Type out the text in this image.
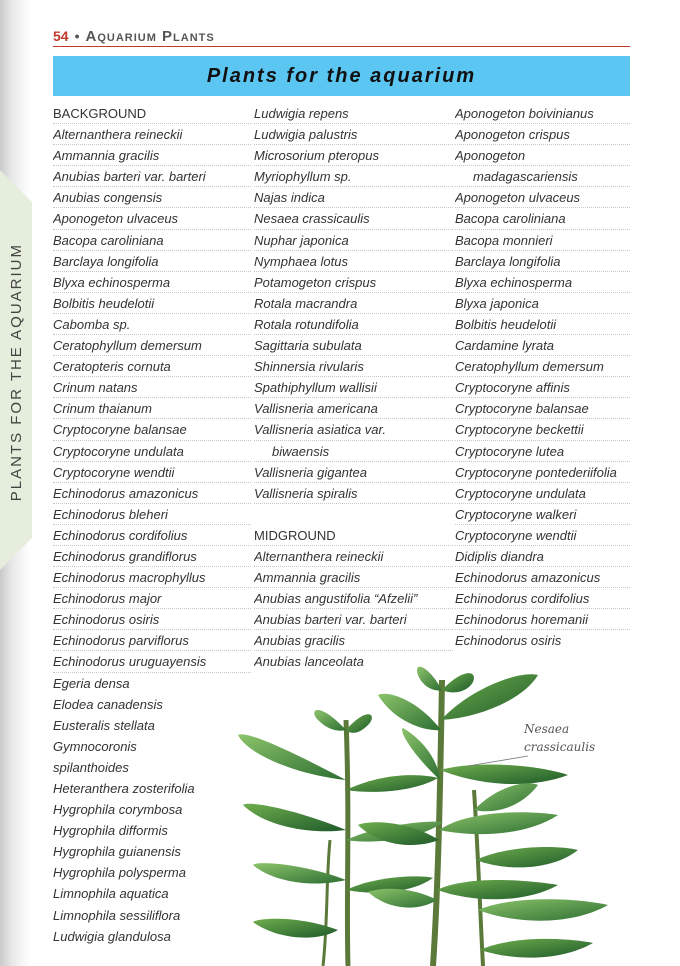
PLANTS FOR THE AQUARIUM
54 • Aquarium Plants
Plants for the aquarium
BACKGROUND
Alternanthera reineckii
Ammannia gracilis
Anubias barteri var. barteri
Anubias congensis
Aponogeton ulvaceus
Bacopa caroliniana
Barclaya longifolia
Blyxa echinosperma
Bolbitis heudelotii
Cabomba sp.
Ceratophyllum demersum
Ceratopteris cornuta
Crinum natans
Crinum thaianum
Cryptocoryne balansae
Cryptocoryne undulata
Cryptocoryne wendtii
Echinodorus amazonicus
Echinodorus bleheri
Echinodorus cordifolius
Echinodorus grandiflorus
Echinodorus macrophyllus
Echinodorus major
Echinodorus osiris
Echinodorus parviflorus
Echinodorus uruguayensis
Egeria densa
Elodea canadensis
Eusteralis stellata
Gymnocoronis
spilanthoides
Heteranthera zosterifolia
Hygrophila corymbosa
Hygrophila difformis
Hygrophila guianensis
Hygrophila polysperma
Limnophila aquatica
Limnophila sessiliflora
Ludwigia glandulosa
Ludwigia repens
Ludwigia palustris
Microsorium pteropus
Myriophyllum sp.
Najas indica
Nesaea crassicaulis
Nuphar japonica
Nymphaea lotus
Potamogeton crispus
Rotala macrandra
Rotala rotundifolia
Sagittaria subulata
Shinnersia rivularis
Spathiphyllum wallisii
Vallisneria americana
Vallisneria asiatica var.
biwaensis
Vallisneria gigantea
Vallisneria spiralis
MIDGROUND
Alternanthera reineckii
Ammannia gracilis
Anubias angustifolia “Afzelii”
Anubias barteri var. barteri
Anubias gracilis
Anubias lanceolata
Aponogeton boivinianus
Aponogeton crispus
Aponogeton
madagascariensis
Aponogeton ulvaceus
Bacopa caroliniana
Bacopa monnieri
Barclaya longifolia
Blyxa echinosperma
Blyxa japonica
Bolbitis heudelotii
Cardamine lyrata
Ceratophyllum demersum
Cryptocoryne affinis
Cryptocoryne balansae
Cryptocoryne beckettii
Cryptocoryne lutea
Cryptocoryne pontederiifolia
Cryptocoryne undulata
Cryptocoryne walkeri
Cryptocoryne wendtii
Didiplis diandra
Echinodorus amazonicus
Echinodorus cordifolius
Echinodorus horemanii
Echinodorus osiris
Nesaea
crassicaulis
